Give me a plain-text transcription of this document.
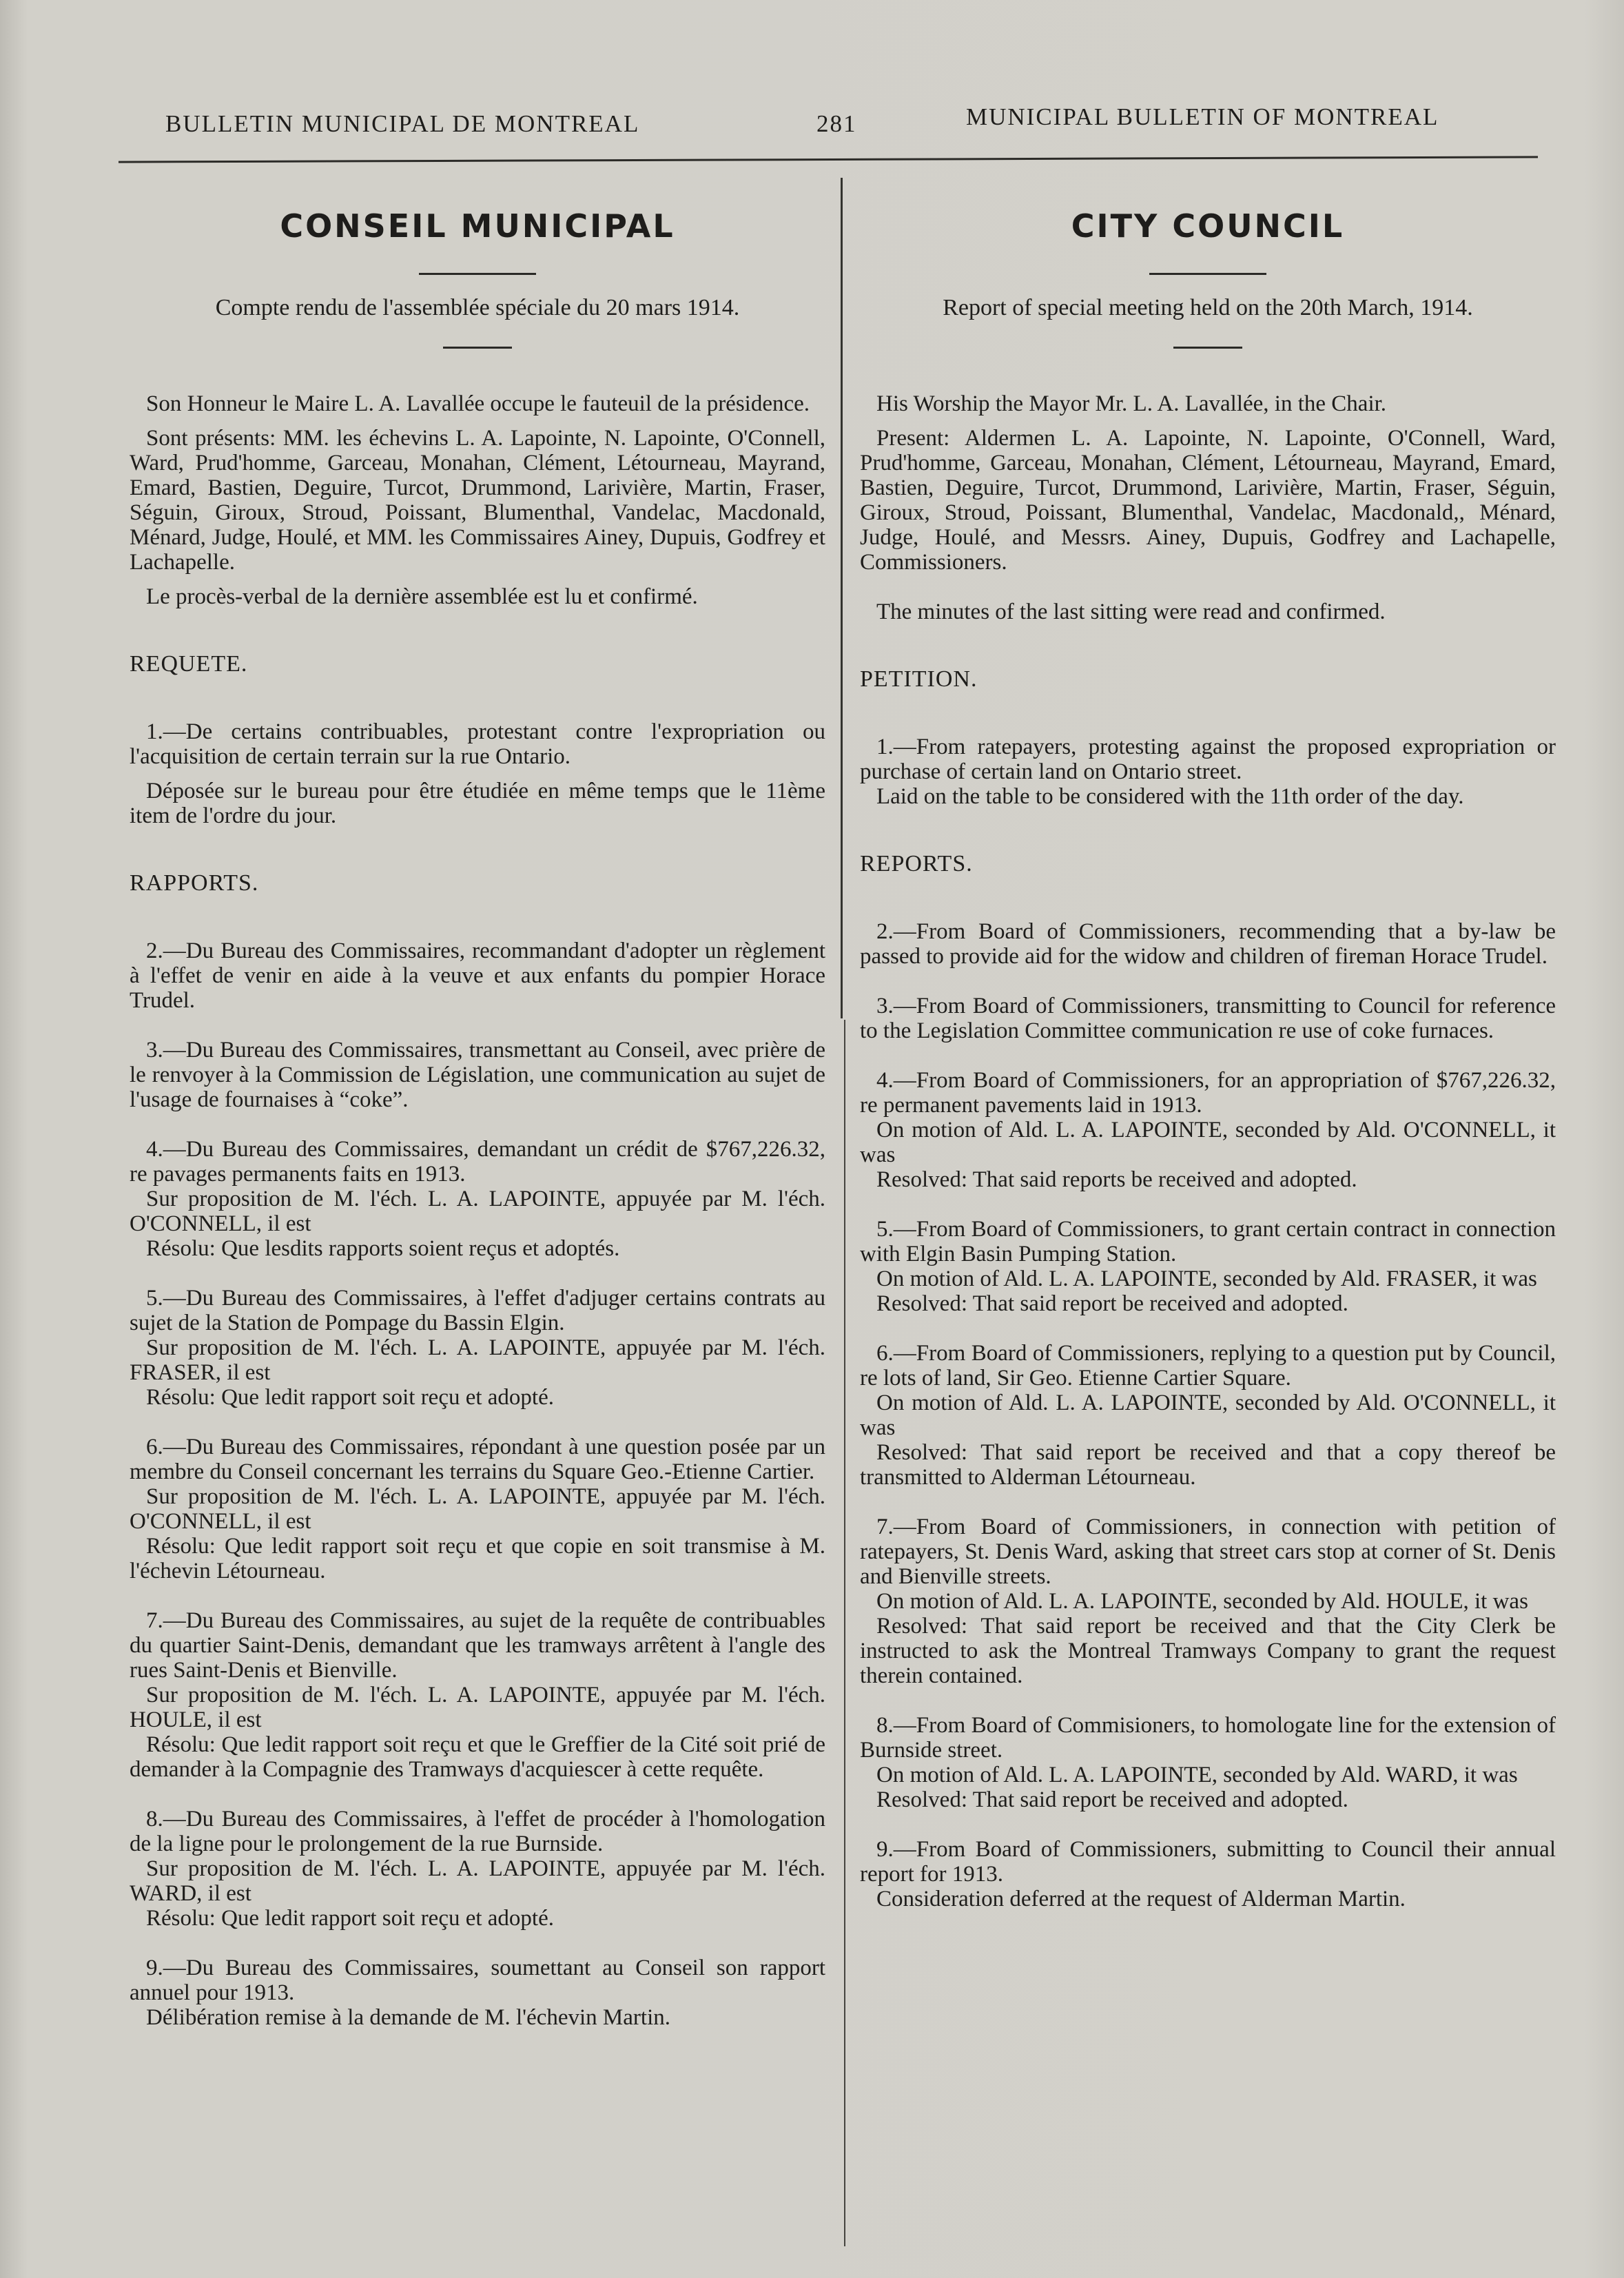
BULLETIN MUNICIPAL DE MONTREAL	281	MUNICIPAL BULLETIN OF MONTREAL
CONSEIL MUNICIPAL
Compte rendu de l'assemblée spéciale du 20 mars 1914.

Son Honneur le Maire L. A. Lavallée occupe le fauteuil de la présidence.

Sont présents: MM. les échevins L. A. Lapointe, N. Lapointe, O'Connell, Ward, Prud'homme, Garceau, Monahan, Clément, Létourneau, Mayrand, Emard, Bastien, Deguire, Turcot, Drummond, Larivière, Martin, Fraser, Séguin, Giroux, Stroud, Poissant, Blumenthal, Vandelac, Macdonald, Ménard, Judge, Houlé, et MM. les Commissaires Ainey, Dupuis, Godfrey et Lachapelle.

Le procès-verbal de la dernière assemblée est lu et confirmé.

REQUETE.

1.—De certains contribuables, protestant contre l'expropriation ou l'acquisition de certain terrain sur la rue Ontario.

Déposée sur le bureau pour être étudiée en même temps que le 11ème item de l'ordre du jour.

RAPPORTS.

2.—Du Bureau des Commissaires, recommandant d'adopter un règlement à l'effet de venir en aide à la veuve et aux enfants du pompier Horace Trudel.

3.—Du Bureau des Commissaires, transmettant au Conseil, avec prière de le renvoyer à la Commission de Législation, une communication au sujet de l'usage de fournaises à “coke”.

4.—Du Bureau des Commissaires, demandant un crédit de $767,226.32, re pavages permanents faits en 1913.

Sur proposition de M. l'éch. L. A. LAPOINTE, appuyée par M. l'éch. O'CONNELL, il est

Résolu: Que lesdits rapports soient reçus et adoptés.

5.—Du Bureau des Commissaires, à l'effet d'adjuger certains contrats au sujet de la Station de Pompage du Bassin Elgin.

Sur proposition de M. l'éch. L. A. LAPOINTE, appuyée par M. l'éch. FRASER, il est

Résolu: Que ledit rapport soit reçu et adopté.

6.—Du Bureau des Commissaires, répondant à une question posée par un membre du Conseil concernant les terrains du Square Geo.-Etienne Cartier.

Sur proposition de M. l'éch. L. A. LAPOINTE, appuyée par M. l'éch. O'CONNELL, il est

Résolu: Que ledit rapport soit reçu et que copie en soit transmise à M. l'échevin Létourneau.

7.—Du Bureau des Commissaires, au sujet de la requête de contribuables du quartier Saint-Denis, demandant que les tramways arrêtent à l'angle des rues Saint-Denis et Bienville.

Sur proposition de M. l'éch. L. A. LAPOINTE, appuyée par M. l'éch. HOULE, il est

Résolu: Que ledit rapport soit reçu et que le Greffier de la Cité soit prié de demander à la Compagnie des Tramways d'acquiescer à cette requête.

8.—Du Bureau des Commissaires, à l'effet de procéder à l'homologation de la ligne pour le prolongement de la rue Burnside.

Sur proposition de M. l'éch. L. A. LAPOINTE, appuyée par M. l'éch. WARD, il est

Résolu: Que ledit rapport soit reçu et adopté.

9.—Du Bureau des Commissaires, soumettant au Conseil son rapport annuel pour 1913.

Délibération remise à la demande de M. l'échevin Martin.

CITY COUNCIL
Report of special meeting held on the 20th March, 1914.

His Worship the Mayor Mr. L. A. Lavallée, in the Chair.

Present: Aldermen L. A. Lapointe, N. Lapointe, O'Connell, Ward, Prud'homme, Garceau, Monahan, Clément, Létourneau, Mayrand, Emard, Bastien, Deguire, Turcot, Drummond, Larivière, Martin, Fraser, Séguin, Giroux, Stroud, Poissant, Blumenthal, Vandelac, Macdonald,, Ménard, Judge, Houlé, and Messrs. Ainey, Dupuis, Godfrey and Lachapelle, Commissioners.

The minutes of the last sitting were read and confirmed.

PETITION.

1.—From ratepayers, protesting against the proposed expropriation or purchase of certain land on Ontario street.

Laid on the table to be considered with the 11th order of the day.

REPORTS.

2.—From Board of Commissioners, recommending that a by-law be passed to provide aid for the widow and children of fireman Horace Trudel.

3.—From Board of Commissioners, transmitting to Council for reference to the Legislation Committee communication re use of coke furnaces.

4.—From Board of Commissioners, for an appropriation of $767,226.32, re permanent pavements laid in 1913.

On motion of Ald. L. A. LAPOINTE, seconded by Ald. O'CONNELL, it was

Resolved: That said reports be received and adopted.

5.—From Board of Commissioners, to grant certain contract in connection with Elgin Basin Pumping Station.

On motion of Ald. L. A. LAPOINTE, seconded by Ald. FRASER, it was

Resolved: That said report be received and adopted.

6.—From Board of Commissioners, replying to a question put by Council, re lots of land, Sir Geo. Etienne Cartier Square.

On motion of Ald. L. A. LAPOINTE, seconded by Ald. O'CONNELL, it was

Resolved: That said report be received and that a copy thereof be transmitted to Alderman Létourneau.

7.—From Board of Commissioners, in connection with petition of ratepayers, St. Denis Ward, asking that street cars stop at corner of St. Denis and Bienville streets.

On motion of Ald. L. A. LAPOINTE, seconded by Ald. HOULE, it was

Resolved: That said report be received and that the City Clerk be instructed to ask the Montreal Tramways Company to grant the request therein contained.

8.—From Board of Commisioners, to homologate line for the extension of Burnside street.

On motion of Ald. L. A. LAPOINTE, seconded by Ald. WARD, it was

Resolved: That said report be received and adopted.

9.—From Board of Commissioners, submitting to Council their annual report for 1913.

Consideration deferred at the request of Alderman Martin.
